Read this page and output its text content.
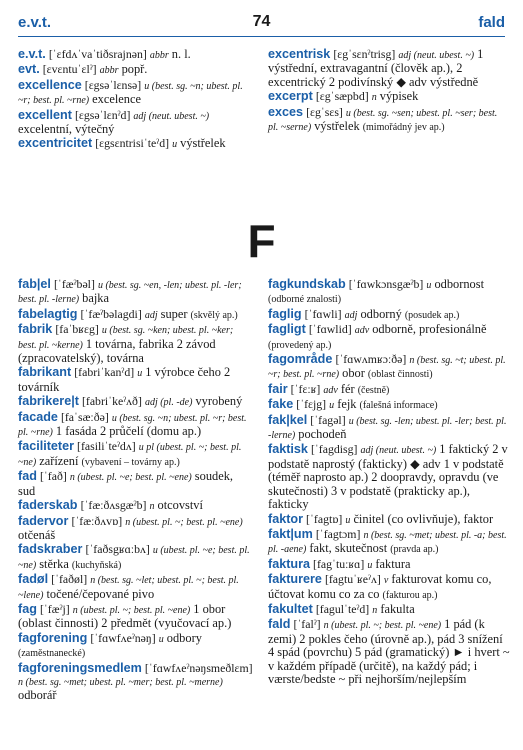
e.v.t.	74	fald
e.v.t. [ˈɛfdʌˈvaˈtiðsrajnәn] abbr n. l.
evt. [ɛvɛntuˈɛlˀ] abbr popř.
excellence [ɛgsәˈlɛnsә] u (best. sg. ~n; ubest. pl. ~r; best. pl. ~rne) excelence
excellent [ɛgsәˈlɛnˀd] adj (neut. ubest. ~) excelentní, výtečný
excentricitet [ɛgsɛntrisiˈteˀd] u výstřelek
excentrisk [ɛgˈsɛnˀtrisg] adj (neut. ubest. ~) 1 výstřední, extravagantní (člověk ap.), 2 excentrický 2 podivínský ◆ adv výstředně
excerpt [ɛgˈsæpbd] n výpisek
exces [ɛgˈsɛs] u (best. sg. ~sen; ubest. pl. ~ser; best. pl. ~serne) výstřelek (mimořádný jev ap.)
F
fab|el [ˈfæˀbәl] u (best. sg. ~en, -len; ubest. pl. -ler; best. pl. -lerne) bajka
fabelagtig [ˈfæˀbәlagdi] adj super (skvělý ap.)
fabrik [faˈbʁɛg] u (best. sg. ~ken; ubest. pl. ~ker; best. pl. ~kerne) 1 továrna, fabrika 2 závod (zpracovatelský), továrna
fabrikant [fabriˈkanˀd] u 1 výrobce čeho 2 továrník
fabrikere|t [fabriˈkeˀʌð] adj (pl. -de) vyrobený
facade [faˈsæːðә] u (best. sg. ~n; ubest. pl. ~r; best. pl. ~rne) 1 fasáda 2 průčelí (domu ap.)
faciliteter [fasiliˈteˀdʌ] u pl (ubest. pl. ~; best. pl. ~ne) zařízení (vybavení – továrny ap.)
fad [ˈfað] n (ubest. pl. ~e; best. pl. ~ene) soudek, sud
faderskab [ˈfæːðʌsgæˀb] n otcovství
fadervor [ˈfæːðʌvɒ] n (ubest. pl. ~; best. pl. ~ene) otčenáš
fadskraber [ˈfaðsgʁɑːbʌ] u (ubest. pl. ~e; best. pl. ~ne) stěrka (kuchyňská)
fadøl [ˈfaðøl] n (best. sg. ~let; ubest. pl. ~; best. pl. ~lene) točené/čepované pivo
fag [ˈfæˀj] n (ubest. pl. ~; best. pl. ~ene) 1 obor (oblast činnosti) 2 předmět (vyučovací ap.)
fagforening [ˈfɑwfʌeˀnәŋ] u odbory (zaměstnanecké)
fagforeningsmedlem [ˈfɑwfʌeˀnәŋsmeðlɛm] n (best. sg. ~met; ubest. pl. ~mer; best. pl. ~merne) odborář
fagkundskab [ˈfɑwkɔnsgæˀb] u odbornost (odborné znalosti)
faglig [ˈfɑwli] adj odborný (posudek ap.)
fagligt [ˈfɑwlid] adv odborně, profesionálně (provedený ap.)
fagområde [ˈfɑwʌmʁɔːðә] n (best. sg. ~t; ubest. pl. ~r; best. pl. ~rne) obor (oblast činnosti)
fair [ˈfɛːʁ] adv fér (čestně)
fake [ˈfɛjg] u fejk (falešná informace)
fak|kel [ˈfagәl] u (best. sg. -len; ubest. pl. -ler; best. pl. -lerne) pochodeň
faktisk [ˈfagdisg] adj (neut. ubest. ~) 1 faktický 2 v podstatě naprostý (fakticky) ◆ adv 1 v podstatě (téměř naprosto ap.) 2 doopravdy, opravdu (ve skutečnosti) 3 v podstatě (prakticky ap.), fakticky
faktor [ˈfagtɒ] u činitel (co ovlivňuje), faktor
fakt|um [ˈfagtɔm] n (best. sg. ~met; ubest. pl. -a; best. pl. -aene) fakt, skutečnost (pravda ap.)
faktura [fagˈtuːʁɑ] u faktura
fakturere [fagtuˈʁeˀʌ] v fakturovat komu co, účtovat komu co za co (fakturou ap.)
fakultet [fagulˈteˀd] n fakulta
fald [ˈfalˀ] n (ubest. pl. ~; best. pl. ~ene) 1 pád (k zemi) 2 pokles čeho (úrovně ap.), pád 3 snížení 4 spád (povrchu) 5 pád (gramatický) ► i hvert ~ v každém případě (určitě), na každý pád; i værste/bedste ~ při nejhorším/nejlepším
